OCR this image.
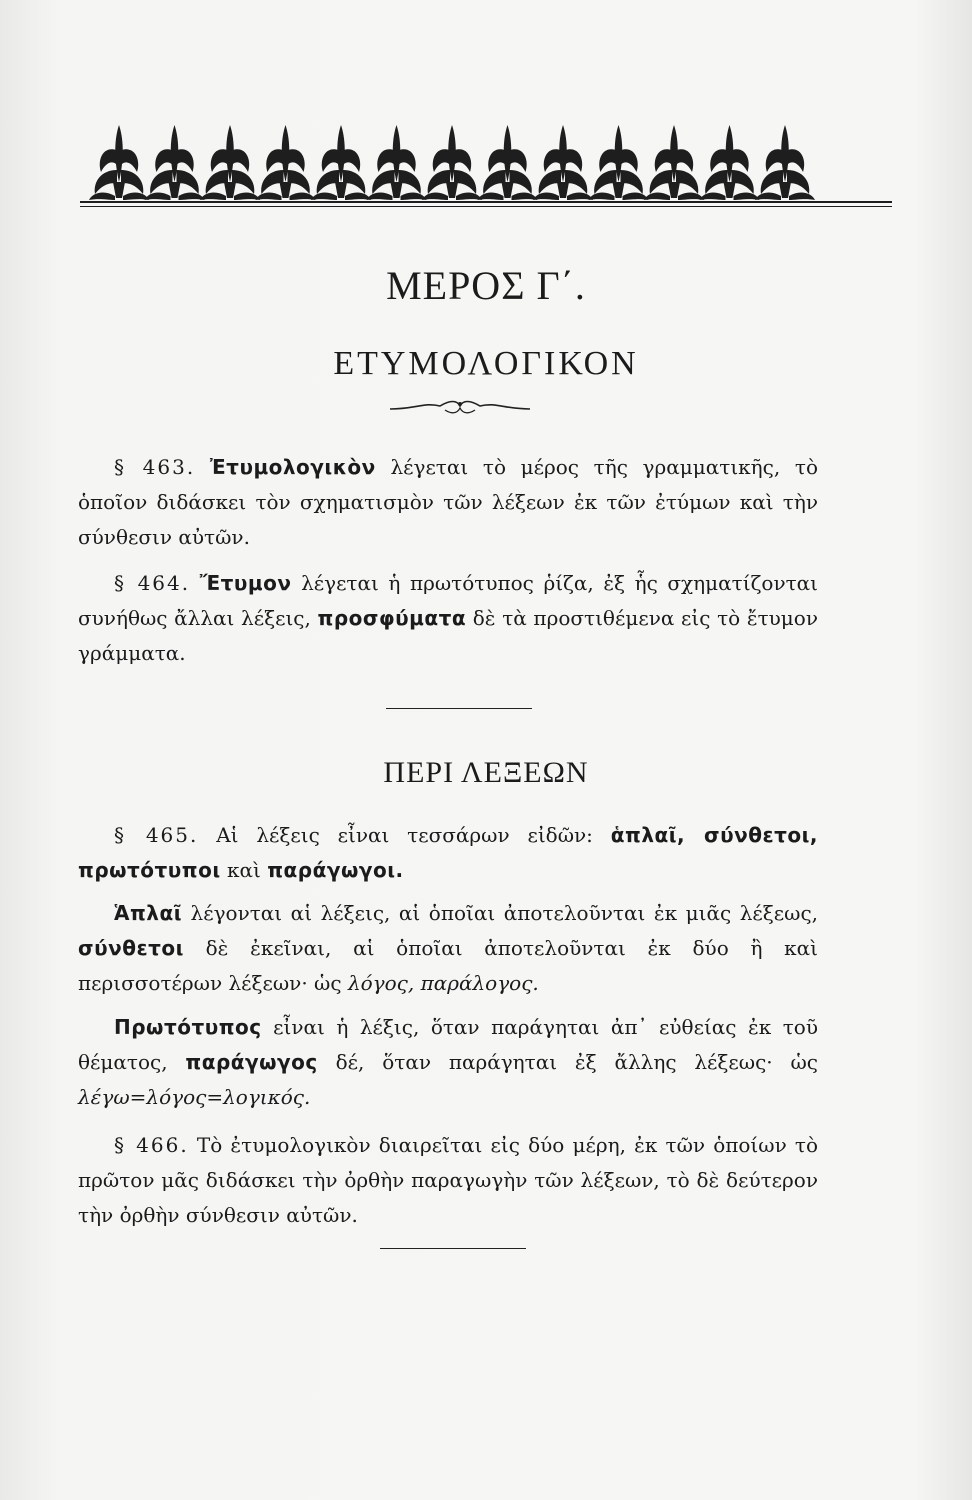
ΜΕΡΟΣ Γ΄.
ΕΤΥΜΟΛΟΓΙΚΟΝ
§ 463. Ἐτυμολογικὸν λέγεται τὸ μέρος τῆς γραμματικῆς, τὸ ὁποῖον διδάσκει τὸν σχηματισμὸν τῶν λέξεων ἐκ τῶν ἐτύμων καὶ τὴν σύνθεσιν αὐτῶν.
§ 464. Ἔτυμον λέγεται ἡ πρωτότυπος ῥίζα, ἐξ ἧς σχηματίζονται συνήθως ἄλλαι λέξεις, προσφύματα δὲ τὰ προστιθέμενα εἰς τὸ ἔτυμον γράμματα.
ΠΕΡΙ ΛΕΞΕΩΝ
§ 465. Αἱ λέξεις εἶναι τεσσάρων εἰδῶν: ἁπλαῖ, σύνθετοι, πρωτότυποι καὶ παράγωγοι.
Ἁπλαῖ λέγονται αἱ λέξεις, αἱ ὁποῖαι ἀποτελοῦνται ἐκ μιᾶς λέξεως, σύνθετοι δὲ ἐκεῖναι, αἱ ὁποῖαι ἀποτελοῦνται ἐκ δύο ἢ καὶ περισσοτέρων λέξεων· ὡς λόγος, παράλογος.
Πρωτότυπος εἶναι ἡ λέξις, ὅταν παράγηται ἀπ᾿ εὐθείας ἐκ τοῦ θέματος, παράγωγος δέ, ὅταν παράγηται ἐξ ἄλλης λέξεως· ὡς λέγω=λόγος=λογικός.
§ 466. Τὸ ἐτυμολογικὸν διαιρεῖται εἰς δύο μέρη, ἐκ τῶν ὁποίων τὸ πρῶτον μᾶς διδάσκει τὴν ὀρθὴν παραγωγὴν τῶν λέξεων, τὸ δὲ δεύτερον τὴν ὀρθὴν σύνθεσιν αὐτῶν.
